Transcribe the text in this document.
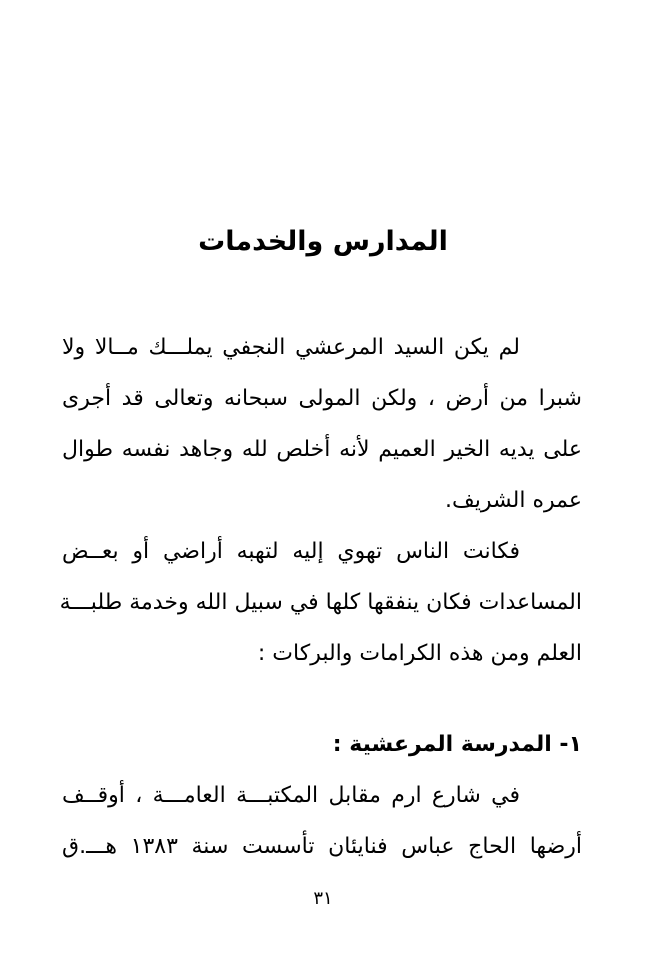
المدارس والخدمات
لم يكن السيد المرعشي النجفي يملـــك مــالا ولا
شبرا من أرض ، ولكن المولى سبحانه وتعالى قد أجرى
على يديه الخير العميم لأنه أخلص لله وجاهد نفسه طوال
عمره الشريف.
فكانت الناس تهوي إليه لتهبه أراضي أو بعــض
المساعدات فكان ينفقها كلها في سبيل الله وخدمة طلبـــة
العلم ومن هذه الكرامات والبركات :
١- المدرسة المرعشية :
في شارع ارم مقابل المكتبـــة العامـــة ، أوقــف
أرضها الحاج عباس فنايئان تأسست سنة ١٣٨٣ هـــ.ق
٣١
